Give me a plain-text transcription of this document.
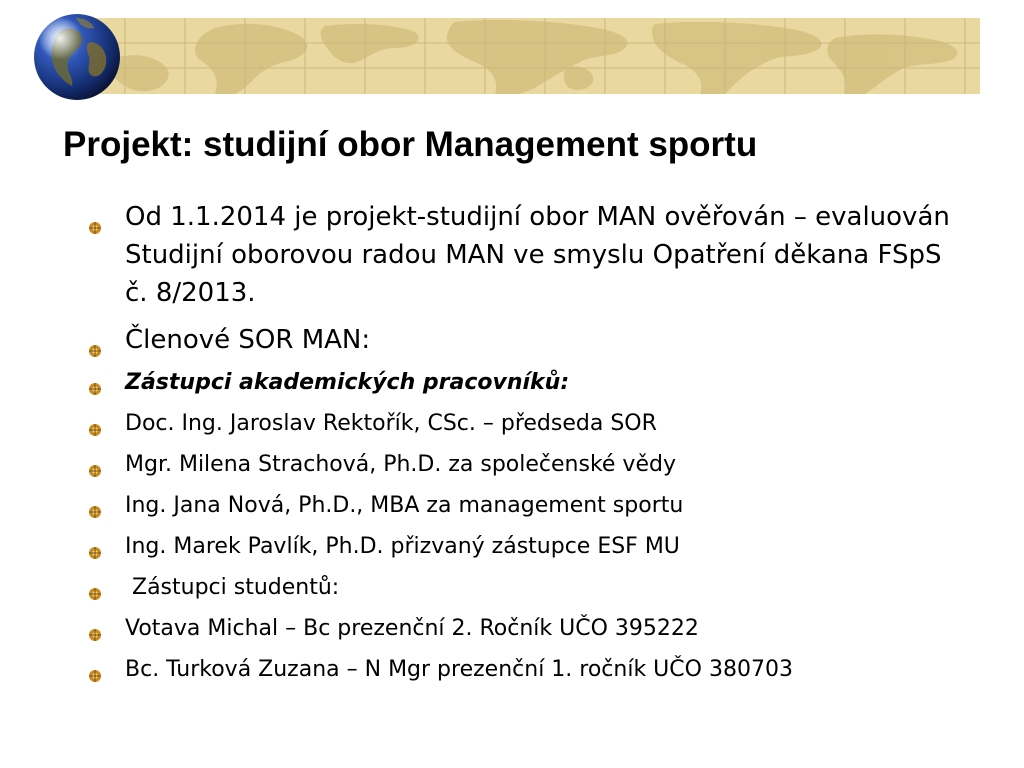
Projekt: studijní obor Management sportu
Od 1.1.2014 je projekt-studijní obor MAN ověřován – evaluován Studijní oborovou radou MAN ve smyslu Opatření děkana FSpS č. 8/2013.
Členové SOR MAN:
Zástupci akademických pracovníků:
Doc. Ing. Jaroslav Rektořík, CSc. – předseda SOR
Mgr. Milena Strachová, Ph.D. za společenské vědy
Ing. Jana Nová, Ph.D., MBA za management sportu
Ing. Marek Pavlík, Ph.D. přizvaný zástupce ESF MU
Zástupci studentů:
Votava Michal – Bc prezenční 2. Ročník UČO 395222
Bc. Turková Zuzana – N Mgr prezenční 1. ročník UČO 380703
